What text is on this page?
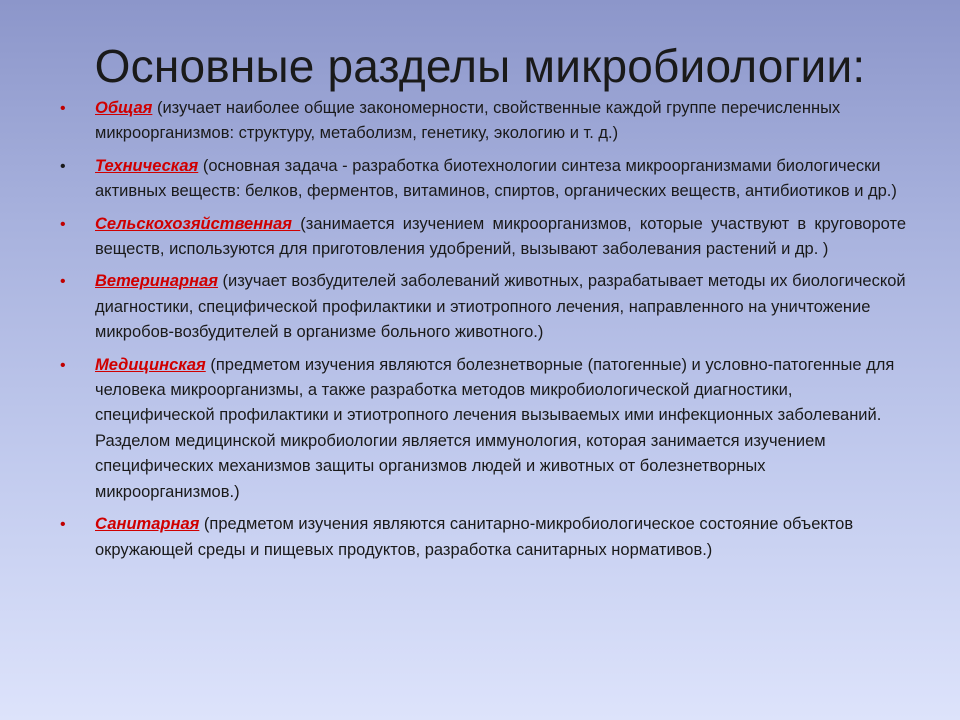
Основные разделы микробиологии:
• Общая (изучает наиболее общие закономерности, свойственные каждой группе перечисленных микроорганизмов: структуру, метаболизм, генетику, экологию и т. д.)
• Техническая (основная задача - разработка биотехнологии синтеза микроорганизмами биологически активных веществ: белков, ферментов, витаминов, спиртов, органических веществ, антибиотиков и др.)
• Сельскохозяйственная (занимается изучением микроорганизмов, которые участвуют в круговороте веществ, используются для приготовления удобрений, вызывают заболевания растений и др. )
• Ветеринарная (изучает возбудителей заболеваний животных, разрабатывает методы их биологической диагностики, специфической профилактики и этиотропного лечения, направленного на уничтожение микробов-возбудителей в организме больного животного.)
• Медицинская (предметом изучения являются болезнетворные (патогенные) и условно-патогенные для человека микроорганизмы, а также разработка методов микробиологической диагностики, специфической профилактики и этиотропного лечения вызываемых ими инфекционных заболеваний. Разделом медицинской микробиологии является иммунология, которая занимается изучением специфических механизмов защиты организмов людей и животных от болезнетворных микроорганизмов.)
• Санитарная (предметом изучения являются санитарно-микробиологическое состояние объектов окружающей среды и пищевых продуктов, разработка санитарных нормативов.)
